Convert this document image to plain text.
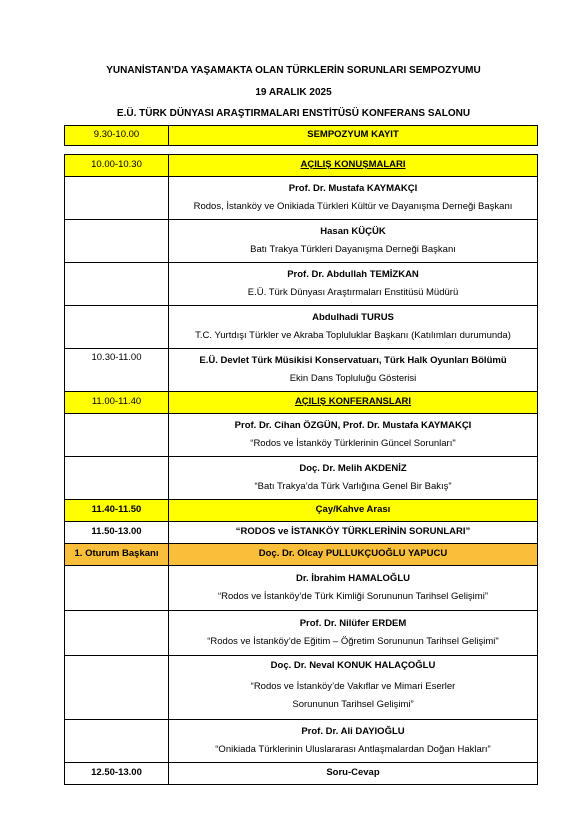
YUNANİSTAN’DA YAŞAMAKTA OLAN TÜRKLERİN SORUNLARI SEMPOZYUMU
19 ARALIK 2025
E.Ü. TÜRK DÜNYASI ARAŞTIRMALARI ENSTİTÜSÜ KONFERANS SALONU
9.30-10.00	SEMPOZYUM KAYIT
10.00-10.30	AÇILIŞ KONUŞMALARI

	Prof. Dr. Mustafa KAYMAKÇI
Rodos, İstanköy ve Onikiada Türkleri Kültür ve Dayanışma Derneği Başkanı

	Hasan KÜÇÜK
Batı Trakya Türkleri Dayanışma Derneği Başkanı

	Prof. Dr. Abdullah TEMİZKAN
E.Ü. Türk Dünyası Araştırmaları Enstitüsü Müdürü

	Abdulhadi TURUS
T.C. Yurtdışı Türkler ve Akraba Topluluklar Başkanı (Katılımları durumunda)

10.30-11.00	E.Ü. Devlet Türk Müsikisi Konservatuarı, Türk Halk Oyunları Bölümü
Ekin Dans Topluluğu Gösterisi

11.00-11.40	AÇILIŞ KONFERANSLARI

	Prof. Dr. Cihan ÖZGÜN, Prof. Dr. Mustafa KAYMAKÇI
“Rodos ve İstanköy Türklerinin Güncel Sorunları"

	Doç. Dr. Melih AKDENİZ
“Batı Trakya’da Türk Varlığına Genel Bir Bakış”

11.40-11.50	Çay/Kahve Arası
11.50-13.00	“RODOS ve İSTANKÖY TÜRKLERİNİN SORUNLARI”
1. Oturum Başkanı	Doç. Dr. Olcay PULLUKÇUOĞLU YAPUCU

	Dr. İbrahim HAMALOĞLU
“Rodos ve İstanköy’de Türk Kimliği Sorununun Tarihsel Gelişimi”

	Prof. Dr. Nilüfer ERDEM
“Rodos ve İstanköy’de Eğitim – Öğretim Sorununun Tarihsel Gelişimi"

	Doç. Dr. Neval KONUK HALAÇOĞLU
“Rodos ve İstanköy’de Vakıflar ve Mimari Eserler Sorununun Tarihsel Gelişimi”

	Prof. Dr. Ali DAYIOĞLU
“Onikiada Türklerinin Uluslararası Antlaşmalardan Doğan Hakları”

12.50-13.00	Soru-Cevap
